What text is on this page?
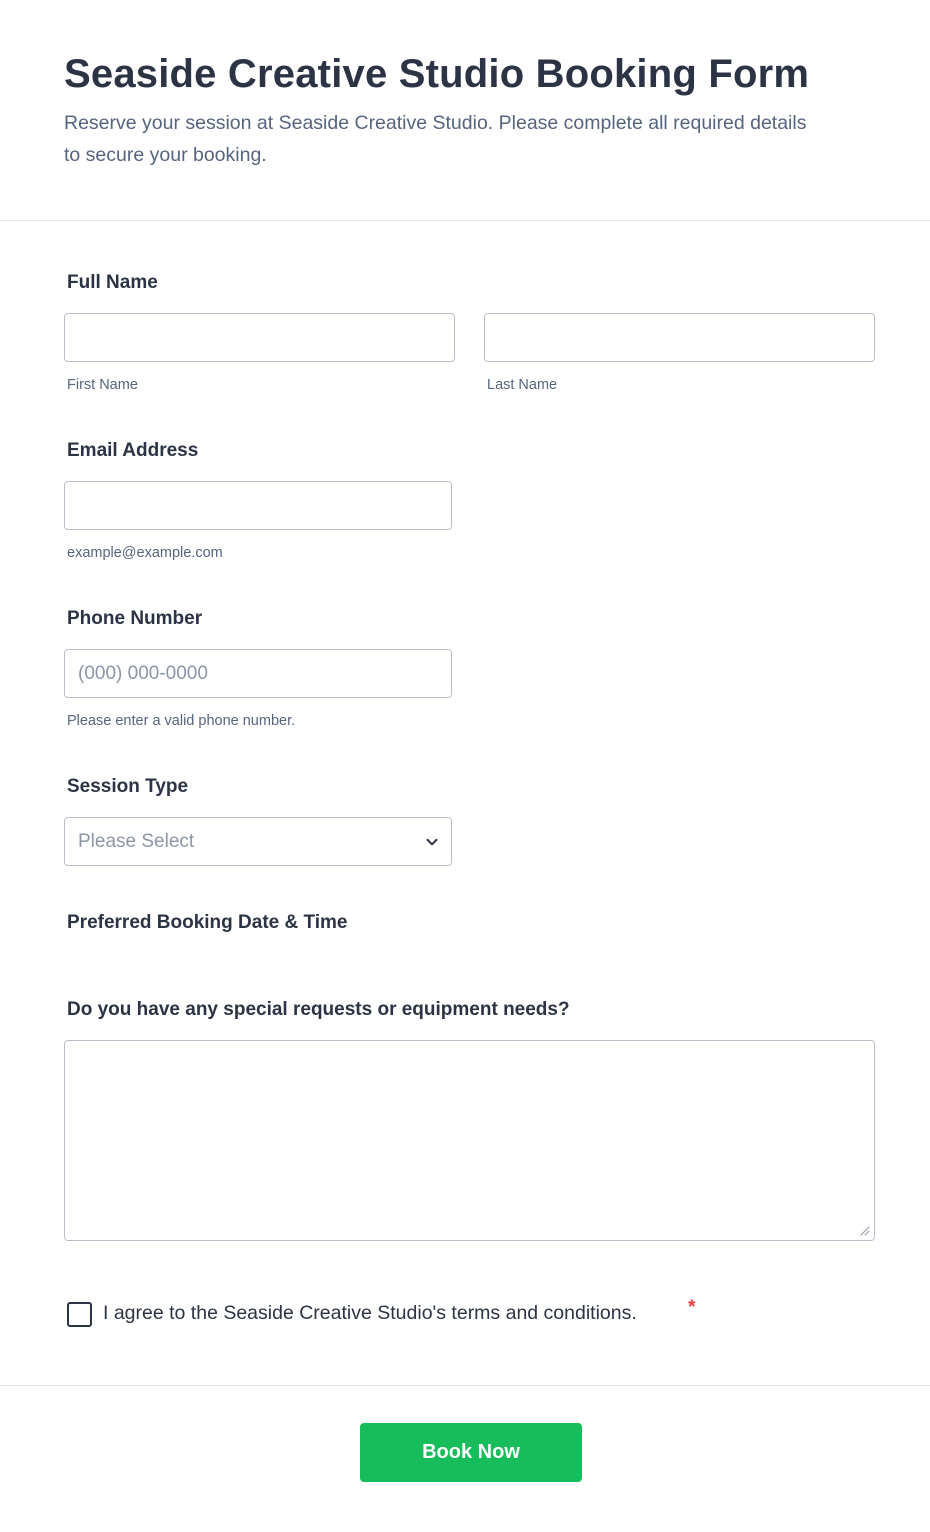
Seaside Creative Studio Booking Form

Reserve your session at Seaside Creative Studio. Please complete all required details to secure your booking.

Full Name
First Name	Last Name
Email Address
example@example.com
Phone Number
(000) 000-0000
Please enter a valid phone number.
Session Type
Please Select
Preferred Booking Date & Time
Do you have any special requests or equipment needs?
I agree to the Seaside Creative Studio's terms and conditions.	*
Book Now
